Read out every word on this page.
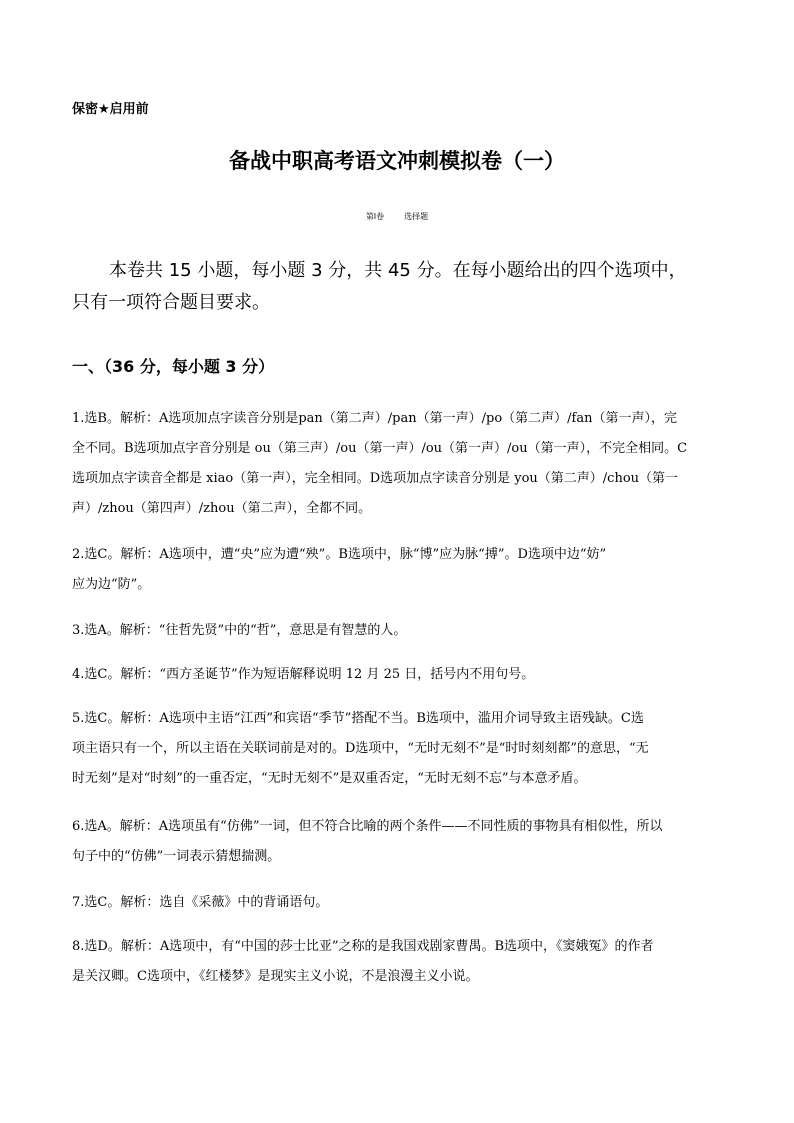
保密★启用前
备战中职高考语文冲刺模拟卷（一）
第Ⅰ卷	选择题

本卷共 15 小题，每小题 3 分，共 45 分。在每小题给出的四个选项中，

只有一项符合题目要求。

一、（36 分，每小题 3 分）

1.选B。解析：A选项加点字读音分别是pan（第二声）/pan（第一声）/po（第二声）/fan（第一声），完
全不同。B选项加点字音分别是 ou（第三声）/ou（第一声）/ou（第一声）/ou（第一声），不完全相同。C
选项加点字读音全都是 xiao（第一声），完全相同。D选项加点字读音分别是 you（第二声）/chou（第一
声）/zhou（第四声）/zhou（第二声），全都不同。

2.选C。解析：A选项中，遭“央”应为遭“殃”。B选项中，脉“博”应为脉“搏”。D选项中边“妨”
应为边“防”。

3.选A。解析：“往哲先贤”中的“哲”，意思是有智慧的人。

4.选C。解析：“西方圣诞节”作为短语解释说明 12 月 25 日，括号内不用句号。

5.选C。解析：A选项中主语“江西”和宾语“季节”搭配不当。B选项中，滥用介词导致主语残缺。C选
项主语只有一个，所以主语在关联词前是对的。D选项中，“无时无刻不”是“时时刻刻都”的意思，“无
时无刻”是对“时刻”的一重否定，“无时无刻不”是双重否定，“无时无刻不忘”与本意矛盾。

6.选A。解析：A选项虽有“仿佛”一词，但不符合比喻的两个条件——不同性质的事物具有相似性，所以
句子中的“仿佛”一词表示猜想揣测。

7.选C。解析：选自《采薇》中的背诵语句。

8.选D。解析：A选项中，有“中国的莎士比亚”之称的是我国戏剧家曹禺。B选项中，《窦娥冤》的作者
是关汉卿。C选项中，《红楼梦》是现实主义小说，不是浪漫主义小说。
